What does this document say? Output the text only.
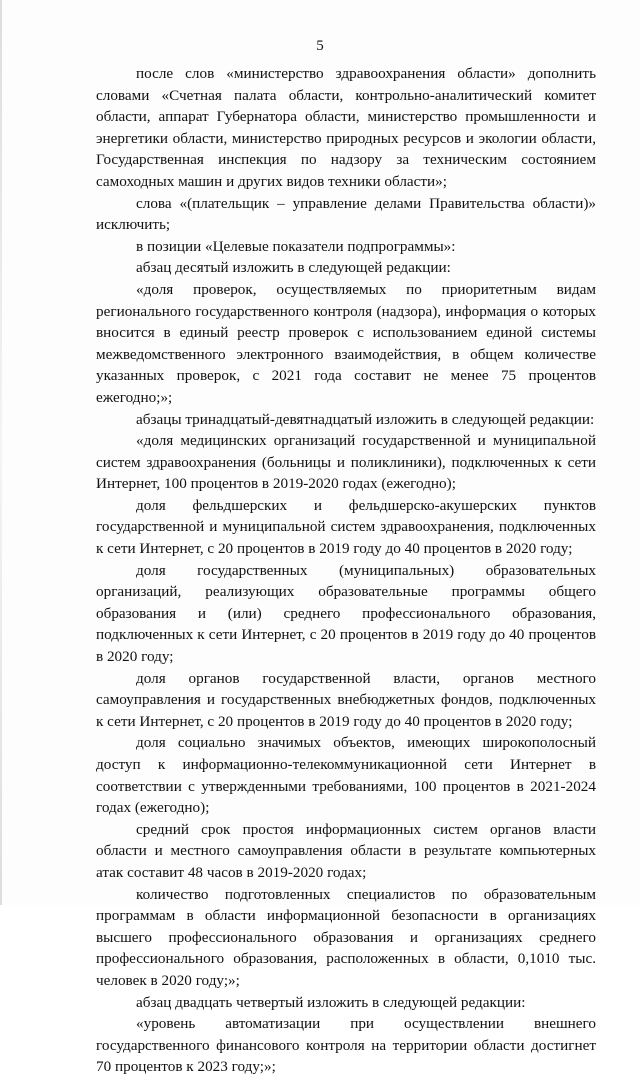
5

после слов «министерство здравоохранения области» дополнить словами «Счетная палата области, контрольно-аналитический комитет области, аппарат Губернатора области, министерство промышленности и энергетики области, министерство природных ресурсов и экологии области, Государственная инспекция по надзору за техническим состоянием самоходных машин и других видов техники области»;

слова «(плательщик – управление делами Правительства области)» исключить;

в позиции «Целевые показатели подпрограммы»:

абзац десятый изложить в следующей редакции:

«доля проверок, осуществляемых по приоритетным видам регионального государственного контроля (надзора), информация о которых вносится в единый реестр проверок с использованием единой системы межведомственного электронного взаимодействия, в общем количестве указанных проверок, с 2021 года составит не менее 75 процентов ежегодно;»;

абзацы тринадцатый-девятнадцатый изложить в следующей редакции:

«доля медицинских организаций государственной и муниципальной систем здравоохранения (больницы и поликлиники), подключенных к сети Интернет, 100 процентов в 2019-2020 годах (ежегодно);

доля фельдшерских и фельдшерско-акушерских пунктов государственной и муниципальной систем здравоохранения, подключенных к сети Интернет, с 20 процентов в 2019 году до 40 процентов в 2020 году;

доля государственных (муниципальных) образовательных организаций, реализующих образовательные программы общего образования и (или) среднего профессионального образования, подключенных к сети Интернет, с 20 процентов в 2019 году до 40 процентов в 2020 году;

доля органов государственной власти, органов местного самоуправления и государственных внебюджетных фондов, подключенных к сети Интернет, с 20 процентов в 2019 году до 40 процентов в 2020 году;

доля социально значимых объектов, имеющих широкополосный доступ к информационно-телекоммуникационной сети Интернет в соответствии с утвержденными требованиями, 100 процентов в 2021-2024 годах (ежегодно);

средний срок простоя информационных систем органов власти области и местного самоуправления области в результате компьютерных атак составит 48 часов в 2019-2020 годах;

количество подготовленных специалистов по образовательным программам в области информационной безопасности в организациях высшего профессионального образования и организациях среднего профессионального образования, расположенных в области, 0,1010 тыс. человек в 2020 году;»;

абзац двадцать четвертый изложить в следующей редакции:

«уровень автоматизации при осуществлении внешнего государственного финансового контроля на территории области достигнет 70 процентов к 2023 году;»;
